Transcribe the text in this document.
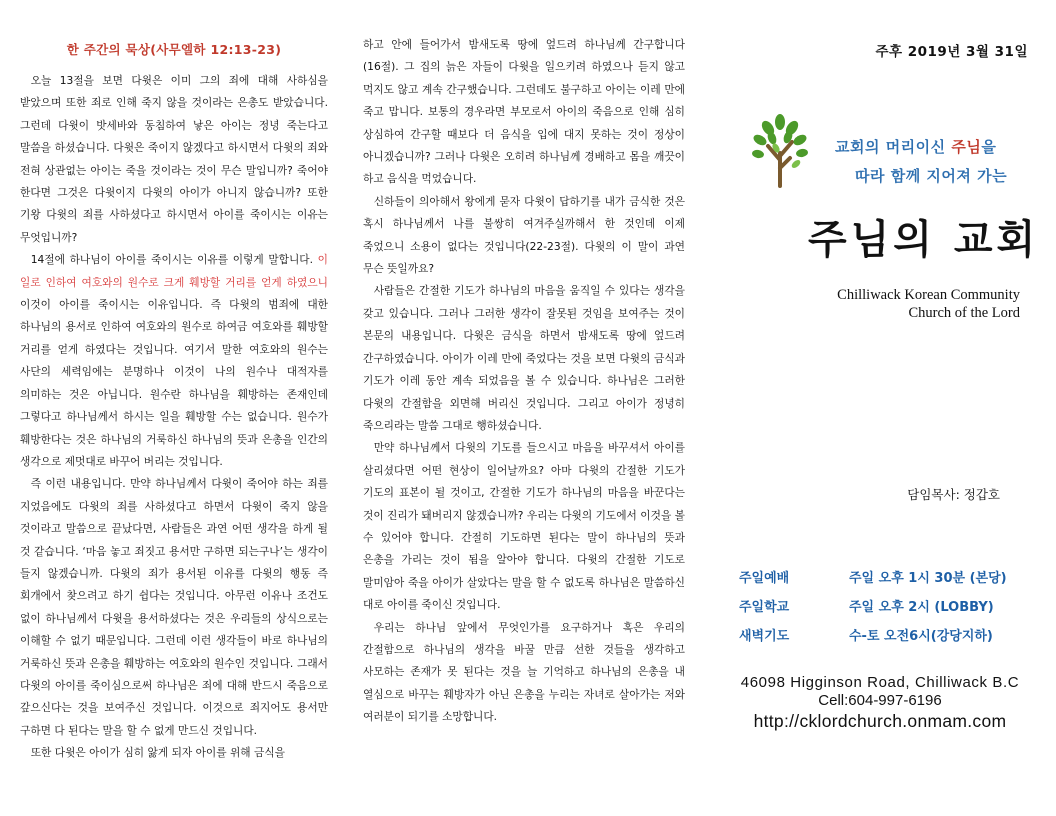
한 주간의 묵상(사무엘하 12:13-23)

오늘 13절을 보면 다윗은 이미 그의 죄에 대해 사하심을 받았으며 또한 죄로 인해 죽지 않을 것이라는 은총도 받았습니다. 그런데 다윗이 밧세바와 동침하여 낳은 아이는 정녕 죽는다고 말씀을 하셨습니다. 다윗은 죽이지 않겠다고 하시면서 다윗의 죄와 전혀 상관없는 아이는 죽을 것이라는 것이 무슨 말입니까? 죽어야 한다면 그것은 다윗이지 다윗의 아이가 아니지 않습니까? 또한 기왕 다윗의 죄를 사하셨다고 하시면서 아이를 죽이시는 이유는 무엇입니까?

14절에 하나님이 아이를 죽이시는 이유를 이렇게 말합니다. 이 일로 인하여 여호와의 원수로 크게 훼방할 거리를 얻게 하였으니 이것이 아이를 죽이시는 이유입니다. 즉 다윗의 범죄에 대한 하나님의 용서로 인하여 여호와의 원수로 하여금 여호와를 훼방할 거리를 얻게 하였다는 것입니다. 여기서 말한 여호와의 원수는 사단의 세력임에는 분명하나 이것이 나의 원수나 대적자를 의미하는 것은 아닙니다. 원수란 하나님을 훼방하는 존재인데 그렇다고 하나님께서 하시는 일을 훼방할 수는 없습니다. 원수가 훼방한다는 것은 하나님의 거룩하신 하나님의 뜻과 은총을 인간의 생각으로 제멋대로 바꾸어 버리는 것입니다.

즉 이런 내용입니다. 만약 하나님께서 다윗이 죽어야 하는 죄를 지었음에도 다윗의 죄를 사하셨다고 하면서 다윗이 죽지 않을 것이라고 말씀으로 끝났다면, 사람들은 과연 어떤 생각을 하게 될 것 같습니다. ‘마음 놓고 죄짓고 용서만 구하면 되는구나’는 생각이 들지 않겠습니까. 다윗의 죄가 용서된 이유를 다윗의 행동 즉 회개에서 찾으려고 하기 쉽다는 것입니다. 아무런 이유나 조건도 없이 하나님께서 다윗을 용서하셨다는 것은 우리들의 상식으로는 이해할 수 없기 때문입니다. 그런데 이런 생각들이 바로 하나님의 거룩하신 뜻과 은총을 훼방하는 여호와의 원수인 것입니다. 그래서 다윗의 아이를 죽이심으로써 하나님은 죄에 대해 반드시 죽음으로 갚으신다는 것을 보여주신 것입니다. 이것으로 죄지어도 용서만 구하면 다 된다는 말을 할 수 없게 만드신 것입니다.

또한 다윗은 아이가 심히 앓게 되자 아이를 위해 금식을

하고 안에 들어가서 밤새도록 땅에 엎드려 하나님께 간구합니다(16절). 그 집의 늙은 자들이 다윗을 일으키려 하였으나 듣지 않고 먹지도 않고 계속 간구했습니다. 그런데도 불구하고 아이는 이레 만에 죽고 맙니다. 보통의 경우라면 부모로서 아이의 죽음으로 인해 심히 상심하여 간구할 때보다 더 음식을 입에 대지 못하는 것이 정상이 아니겠습니까? 그러나 다윗은 오히려 하나님께 경배하고 몸을 깨끗이 하고 음식을 먹었습니다.

신하들이 의아해서 왕에게 묻자 다윗이 답하기를 내가 금식한 것은 혹시 하나님께서 나를 불쌍히 여겨주실까해서 한 것인데 이제 죽었으니 소용이 없다는 것입니다(22-23절). 다윗의 이 말이 과연 무슨 뜻일까요?

사람들은 간절한 기도가 하나님의 마음을 움직일 수 있다는 생각을 갖고 있습니다. 그러나 그러한 생각이 잘못된 것임을 보여주는 것이 본문의 내용입니다. 다윗은 금식을 하면서 밤새도록 땅에 엎드려 간구하였습니다. 아이가 이레 만에 죽었다는 것을 보면 다윗의 금식과 기도가 이레 동안 계속 되었음을 볼 수 있습니다. 하나님은 그러한 다윗의 간절함을 외면해 버리신 것입니다. 그리고 아이가 정녕히 죽으리라는 말씀 그대로 행하셨습니다.

만약 하나님께서 다윗의 기도를 들으시고 마음을 바꾸셔서 아이를 살리셨다면 어떤 현상이 일어날까요? 아마 다윗의 간절한 기도가 기도의 표본이 될 것이고, 간절한 기도가 하나님의 마음을 바꾼다는 것이 진리가 돼버리지 않겠습니까? 우리는 다윗의 기도에서 이것을 볼 수 있어야 합니다. 간절히 기도하면 된다는 말이 하나님의 뜻과 은총을 가리는 것이 됨을 알아야 합니다. 다윗의 간절한 기도로 말미암아 죽을 아이가 살았다는 말을 할 수 없도록 하나님은 말씀하신 대로 아이를 죽이신 것입니다.

우리는 하나님 앞에서 무엇인가를 요구하거나 혹은 우리의 간절함으로 하나님의 생각을 바꿀 만큼 선한 것들을 생각하고 사모하는 존재가 못 된다는 것을 늘 기억하고 하나님의 은총을 내 열심으로 바꾸는 훼방자가 아닌 은총을 누리는 자녀로 살아가는 저와 여러분이 되기를 소망합니다.

주후 2019년 3월 31일
교회의 머리이신 주님을
따라 함께 지어져 가는
주님의 교회
Chilliwack Korean Community
Church of the Lord
담임목사: 정갑호
주일예배	주일 오후 1시 30분 (본당)
주일학교	주일 오후 2시 (LOBBY)
새벽기도	수-토 오전6시(강당지하)
46098 Higginson Road, Chilliwack B.C
Cell:604-997-6196
http://cklordchurch.onmam.com
